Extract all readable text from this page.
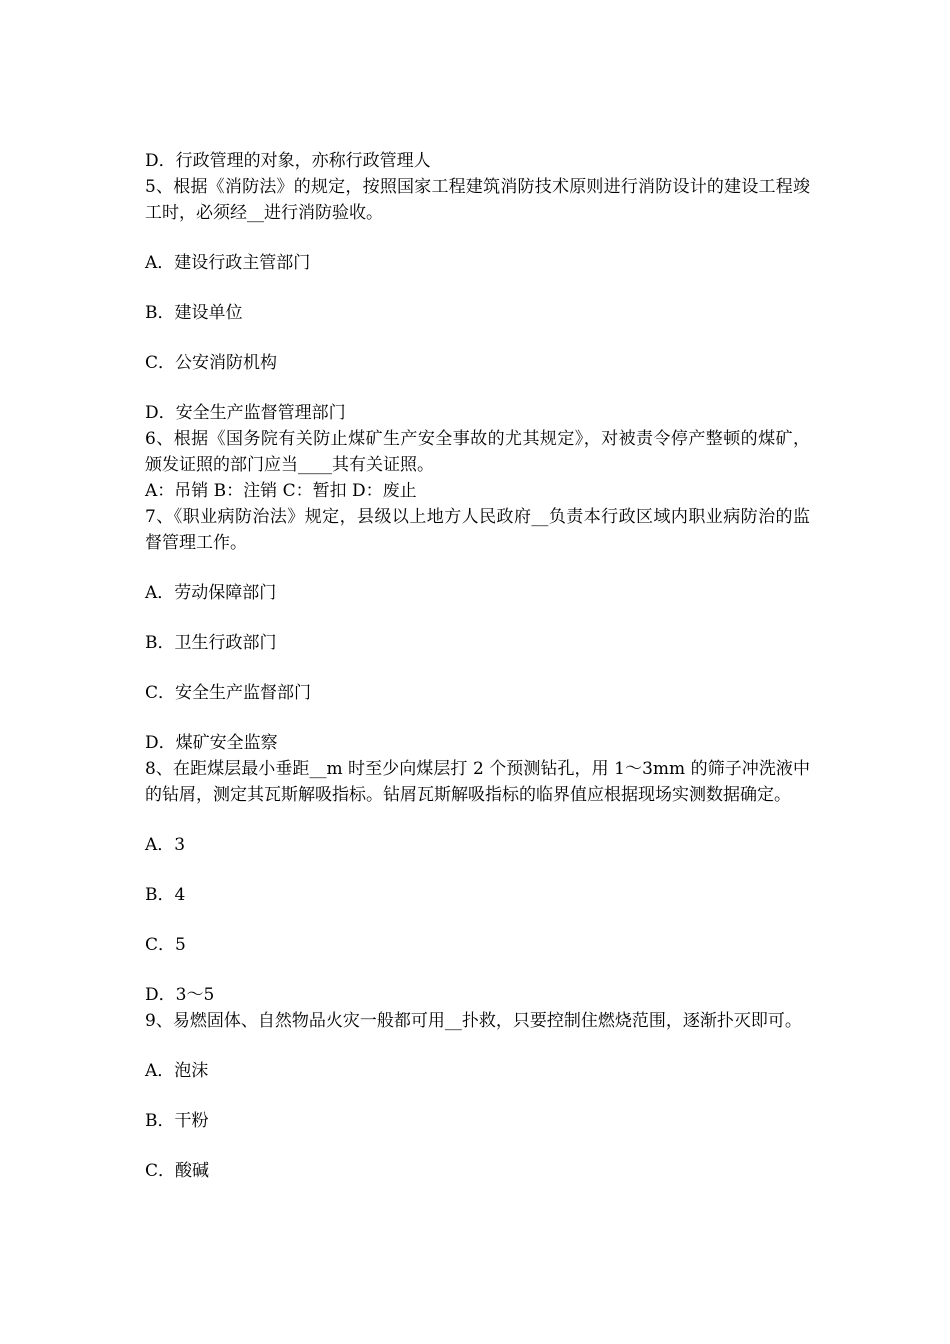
D．行政管理的对象，亦称行政管理人

5、根据《消防法》的规定，按照国家工程建筑消防技术原则进行消防设计的建设工程竣工时，必须经__进行消防验收。

A．建设行政主管部门

B．建设单位

C．公安消防机构

D．安全生产监督管理部门

6、根据《国务院有关防止煤矿生产安全事故的尤其规定》，对被责令停产整顿的煤矿，颁发证照的部门应当____其有关证照。

A：吊销 B：注销 C：暂扣 D：废止

7、《职业病防治法》规定，县级以上地方人民政府__负责本行政区域内职业病防治的监督管理工作。

A．劳动保障部门

B．卫生行政部门

C．安全生产监督部门

D．煤矿安全监察

8、在距煤层最小垂距__m 时至少向煤层打 2 个预测钻孔，用 1～3mm 的筛子冲洗液中的钻屑，测定其瓦斯解吸指标。钻屑瓦斯解吸指标的临界值应根据现场实测数据确定。

A．3

B．4

C．5

D．3～5

9、易燃固体、自然物品火灾一般都可用__扑救，只要控制住燃烧范围，逐渐扑灭即可。

A．泡沫

B．干粉

C．酸碱
